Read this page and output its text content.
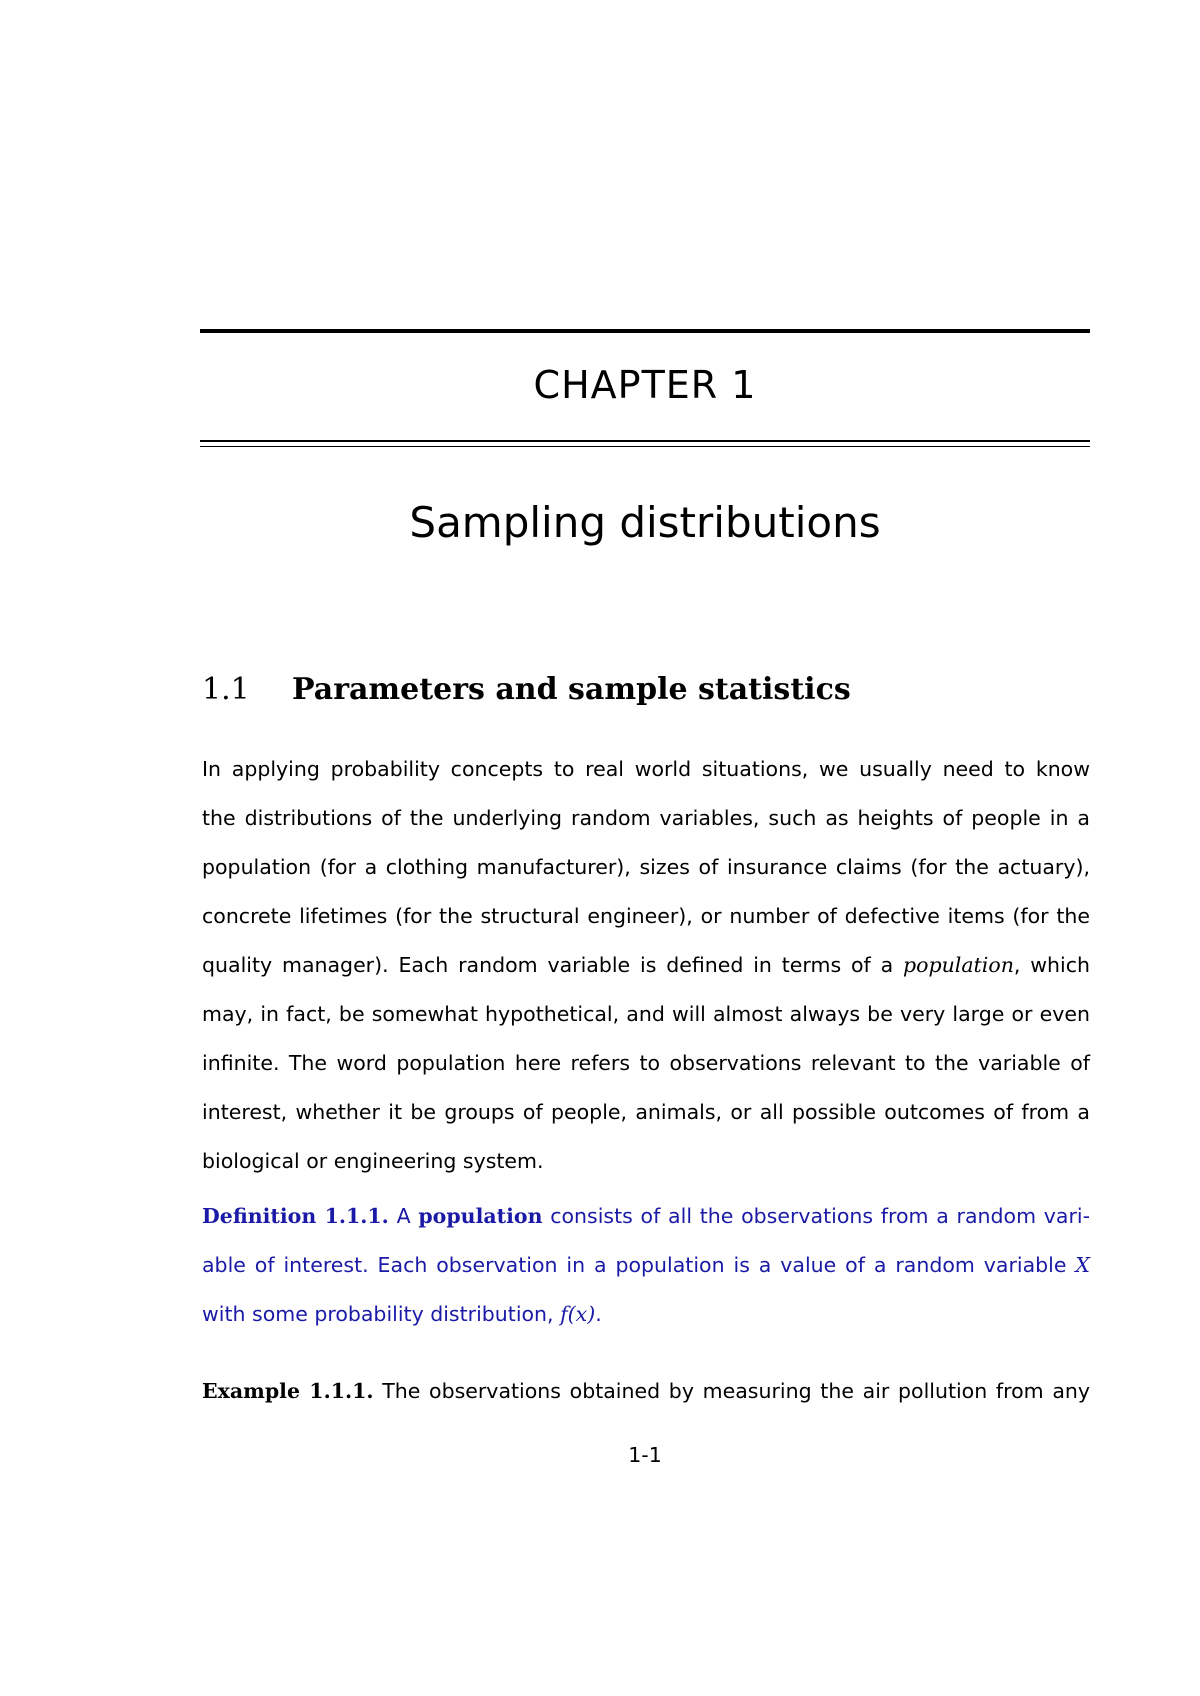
CHAPTER 1
Sampling distributions
1.1 Parameters and sample statistics
In applying probability concepts to real world situations, we usually need to know
the distributions of the underlying random variables, such as heights of people in a
population (for a clothing manufacturer), sizes of insurance claims (for the actuary),
concrete lifetimes (for the structural engineer), or number of defective items (for the
quality manager). Each random variable is defined in terms of a population, which
may, in fact, be somewhat hypothetical, and will almost always be very large or even
infinite. The word population here refers to observations relevant to the variable of
interest, whether it be groups of people, animals, or all possible outcomes of from a
biological or engineering system.
Definition 1.1.1. A population consists of all the observations from a random vari-
able of interest. Each observation in a population is a value of a random variable X
with some probability distribution, f(x).
Example 1.1.1. The observations obtained by measuring the air pollution from any
1-1
